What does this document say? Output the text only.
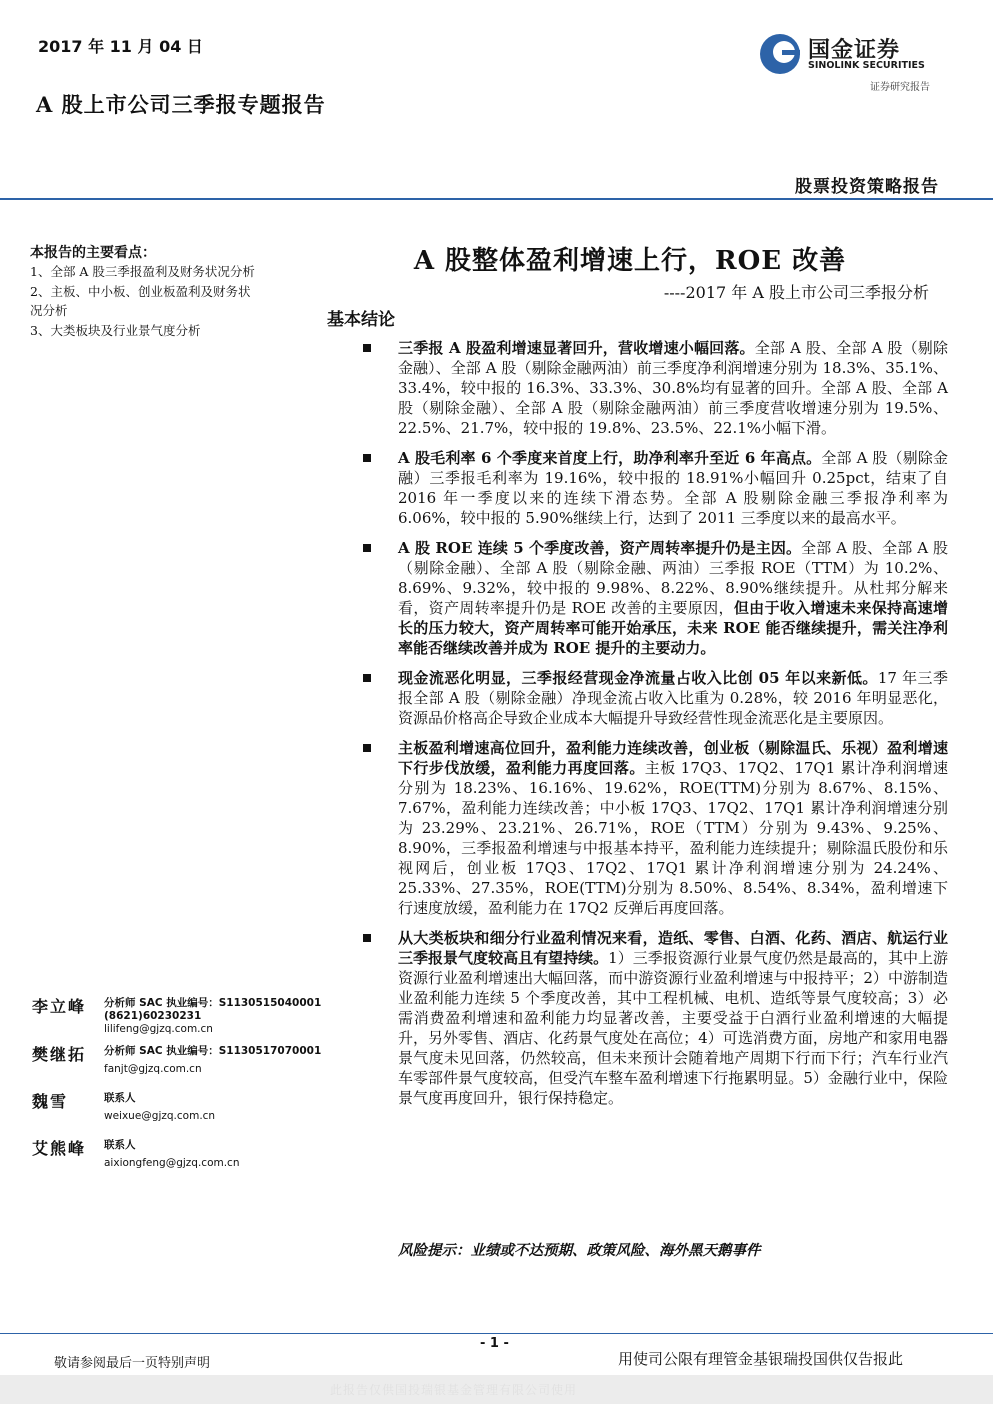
2017 年 11 月 04 日
A 股上市公司三季报专题报告
国金证券
SINOLINK SECURITIES
证券研究报告
股票投资策略报告
本报告的主要看点：
1、全部 A 股三季报盈利及财务状况分析
2、主板、中小板、创业板盈利及财务状况分析
3、大类板块及行业景气度分析
A 股整体盈利增速上行，ROE 改善
----2017 年 A 股上市公司三季报分析
基本结论
三季报 A 股盈利增速显著回升，营收增速小幅回落。全部 A 股、全部 A 股（剔除金融）、全部 A 股（剔除金融两油）前三季度净利润增速分别为 18.3%、35.1%、33.4%，较中报的 16.3%、33.3%、30.8%均有显著的回升。全部 A 股、全部 A 股（剔除金融）、全部 A 股（剔除金融两油）前三季度营收增速分别为 19.5%、22.5%、21.7%，较中报的 19.8%、23.5%、22.1%小幅下滑。
A 股毛利率 6 个季度来首度上行，助净利率升至近 6 年高点。全部 A 股（剔除金融）三季报毛利率为 19.16%，较中报的 18.91%小幅回升 0.25pct，结束了自 2016 年一季度以来的连续下滑态势。全部 A 股剔除金融三季报净利率为 6.06%，较中报的 5.90%继续上行，达到了 2011 三季度以来的最高水平。
A 股 ROE 连续 5 个季度改善，资产周转率提升仍是主因。全部 A 股、全部 A 股（剔除金融）、全部 A 股（剔除金融、两油）三季报 ROE（TTM）为 10.2%、8.69%、9.32%，较中报的 9.98%、8.22%、8.90%继续提升。从杜邦分解来看，资产周转率提升仍是 ROE 改善的主要原因，但由于收入增速未来保持高速增长的压力较大，资产周转率可能开始承压，未来 ROE 能否继续提升，需关注净利率能否继续改善并成为 ROE 提升的主要动力。
现金流恶化明显，三季报经营现金净流量占收入比创 05 年以来新低。17 年三季报全部 A 股（剔除金融）净现金流占收入比重为 0.28%，较 2016 年明显恶化，资源品价格高企导致企业成本大幅提升导致经营性现金流恶化是主要原因。
主板盈利增速高位回升，盈利能力连续改善，创业板（剔除温氏、乐视）盈利增速下行步伐放缓，盈利能力再度回落。主板 17Q3、17Q2、17Q1 累计净利润增速分别为 18.23%、16.16%、19.62%，ROE(TTM)分别为 8.67%、8.15%、7.67%，盈利能力连续改善；中小板 17Q3、17Q2、17Q1 累计净利润增速分别为 23.29%、23.21%、26.71%，ROE（TTM）分别为 9.43%、9.25%、8.90%，三季报盈利增速与中报基本持平，盈利能力连续提升；剔除温氏股份和乐视网后，创业板 17Q3、17Q2、17Q1 累计净利润增速分别为 24.24%、25.33%、27.35%，ROE(TTM)分别为 8.50%、8.54%、8.34%，盈利增速下行速度放缓，盈利能力在 17Q2 反弹后再度回落。
从大类板块和细分行业盈利情况来看，造纸、零售、白酒、化药、酒店、航运行业三季报景气度较高且有望持续。1）三季报资源行业景气度仍然是最高的，其中上游资源行业盈利增速出大幅回落，而中游资源行业盈利增速与中报持平；2）中游制造业盈利能力连续 5 个季度改善，其中工程机械、电机、造纸等景气度较高；3）必需消费盈利增速和盈利能力均显著改善，主要受益于白酒行业盈利增速的大幅提升，另外零售、酒店、化药景气度处在高位；4）可选消费方面，房地产和家用电器景气度未见回落，仍然较高，但未来预计会随着地产周期下行而下行；汽车行业汽车零部件景气度较高，但受汽车整车盈利增速下行拖累明显。5）金融行业中，保险景气度再度回升，银行保持稳定。
风险提示：业绩或不达预期、政策风险、海外黑天鹅事件
李立峰 分析师 SAC 执业编号：S1130515040001
(8621)60230231
lilifeng@gjzq.com.cn
樊继拓 分析师 SAC 执业编号：S1130517070001
fanjt@gjzq.com.cn
魏雪	联系人
weixue@gjzq.com.cn
艾熊峰 联系人
aixiongfeng@gjzq.com.cn
- 1 -
敬请参阅最后一页特别声明	用使司公限有理管金基银瑞投国供仅告报此
此报告仅供国投瑞银基金管理有限公司使用
